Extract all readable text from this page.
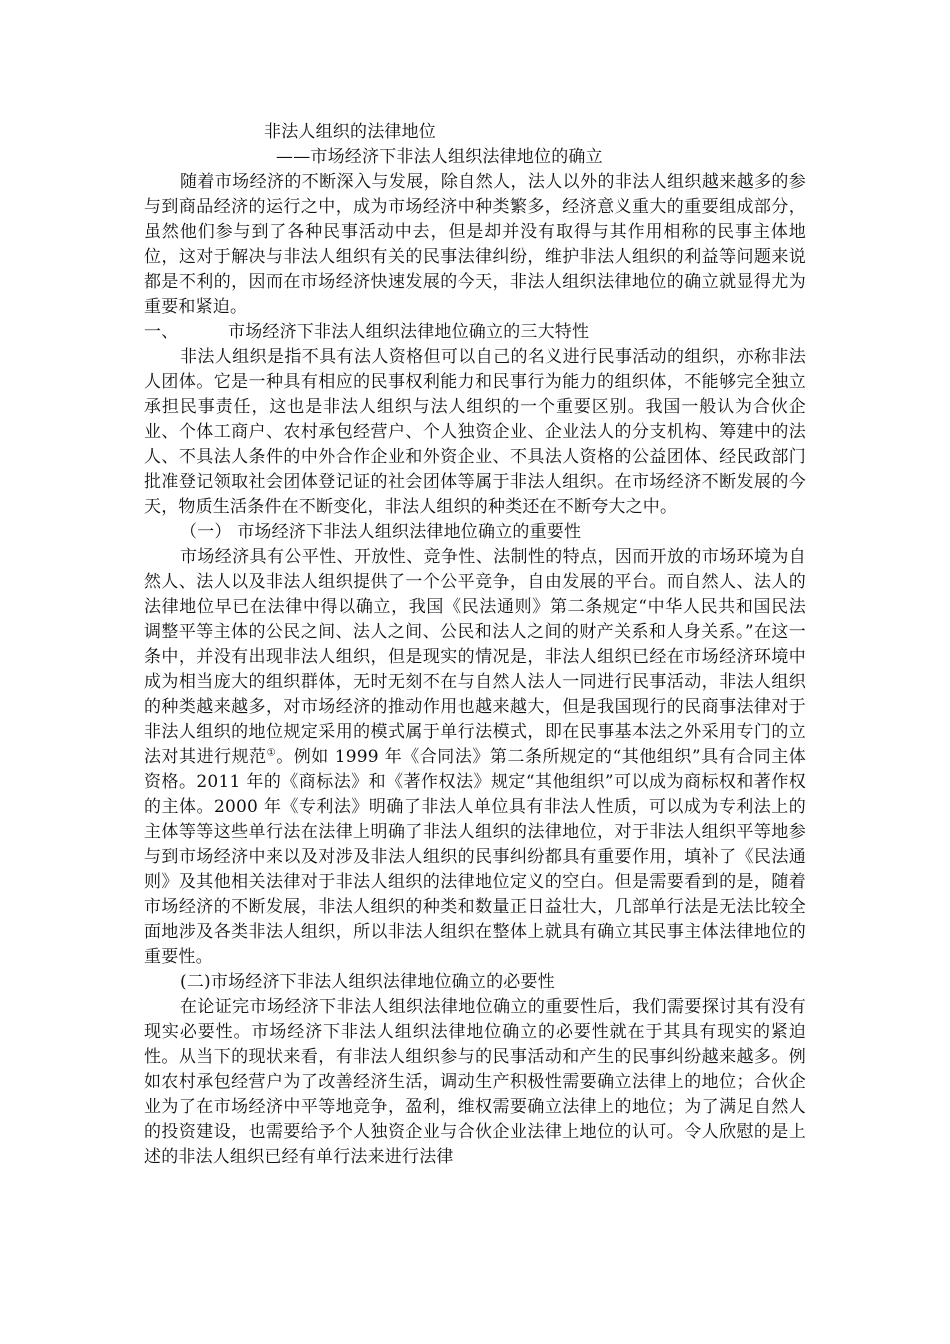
非法人组织的法律地位
——市场经济下非法人组织法律地位的确立

随着市场经济的不断深入与发展，除自然人，法人以外的非法人组织越来越多的参与到商品经济的运行之中，成为市场经济中种类繁多，经济意义重大的重要组成部分，虽然他们参与到了各种民事活动中去，但是却并没有取得与其作用相称的民事主体地位，这对于解决与非法人组织有关的民事法律纠纷，维护非法人组织的利益等问题来说都是不利的，因而在市场经济快速发展的今天，非法人组织法律地位的确立就显得尤为重要和紧迫。

一、	市场经济下非法人组织法律地位确立的三大特性

非法人组织是指不具有法人资格但可以自己的名义进行民事活动的组织，亦称非法人团体。它是一种具有相应的民事权利能力和民事行为能力的组织体，不能够完全独立承担民事责任，这也是非法人组织与法人组织的一个重要区别。我国一般认为合伙企业、个体工商户、农村承包经营户、个人独资企业、企业法人的分支机构、筹建中的法人、不具法人条件的中外合作企业和外资企业、不具法人资格的公益团体、经民政部门批准登记领取社会团体登记证的社会团体等属于非法人组织。在市场经济不断发展的今天，物质生活条件在不断变化，非法人组织的种类还在不断夸大之中。

（一） 市场经济下非法人组织法律地位确立的重要性

市场经济具有公平性、开放性、竞争性、法制性的特点，因而开放的市场环境为自然人、法人以及非法人组织提供了一个公平竞争，自由发展的平台。而自然人、法人的法律地位早已在法律中得以确立，我国《民法通则》第二条规定“中华人民共和国民法调整平等主体的公民之间、法人之间、公民和法人之间的财产关系和人身关系。”在这一条中，并没有出现非法人组织，但是现实的情况是，非法人组织已经在市场经济环境中成为相当庞大的组织群体，无时无刻不在与自然人法人一同进行民事活动，非法人组织的种类越来越多，对市场经济的推动作用也越来越大，但是我国现行的民商事法律对于非法人组织的地位规定采用的模式属于单行法模式，即在民事基本法之外采用专门的立法对其进行规范①。例如 1999 年《合同法》第二条所规定的“其他组织”具有合同主体资格。2011 年的《商标法》和《著作权法》规定“其他组织”可以成为商标权和著作权的主体。2000 年《专利法》明确了非法人单位具有非法人性质，可以成为专利法上的主体等等这些单行法在法律上明确了非法人组织的法律地位，对于非法人组织平等地参与到市场经济中来以及对涉及非法人组织的民事纠纷都具有重要作用，填补了《民法通则》及其他相关法律对于非法人组织的法律地位定义的空白。但是需要看到的是，随着市场经济的不断发展，非法人组织的种类和数量正日益壮大，几部单行法是无法比较全面地涉及各类非法人组织，所以非法人组织在整体上就具有确立其民事主体法律地位的重要性。

(二)市场经济下非法人组织法律地位确立的必要性

在论证完市场经济下非法人组织法律地位确立的重要性后，我们需要探讨其有没有现实必要性。市场经济下非法人组织法律地位确立的必要性就在于其具有现实的紧迫性。从当下的现状来看，有非法人组织参与的民事活动和产生的民事纠纷越来越多。例如农村承包经营户为了改善经济生活，调动生产积极性需要确立法律上的地位；合伙企业为了在市场经济中平等地竞争，盈利，维权需要确立法律上的地位；为了满足自然人的投资建设，也需要给予个人独资企业与合伙企业法律上地位的认可。令人欣慰的是上述的非法人组织已经有单行法来进行法律
